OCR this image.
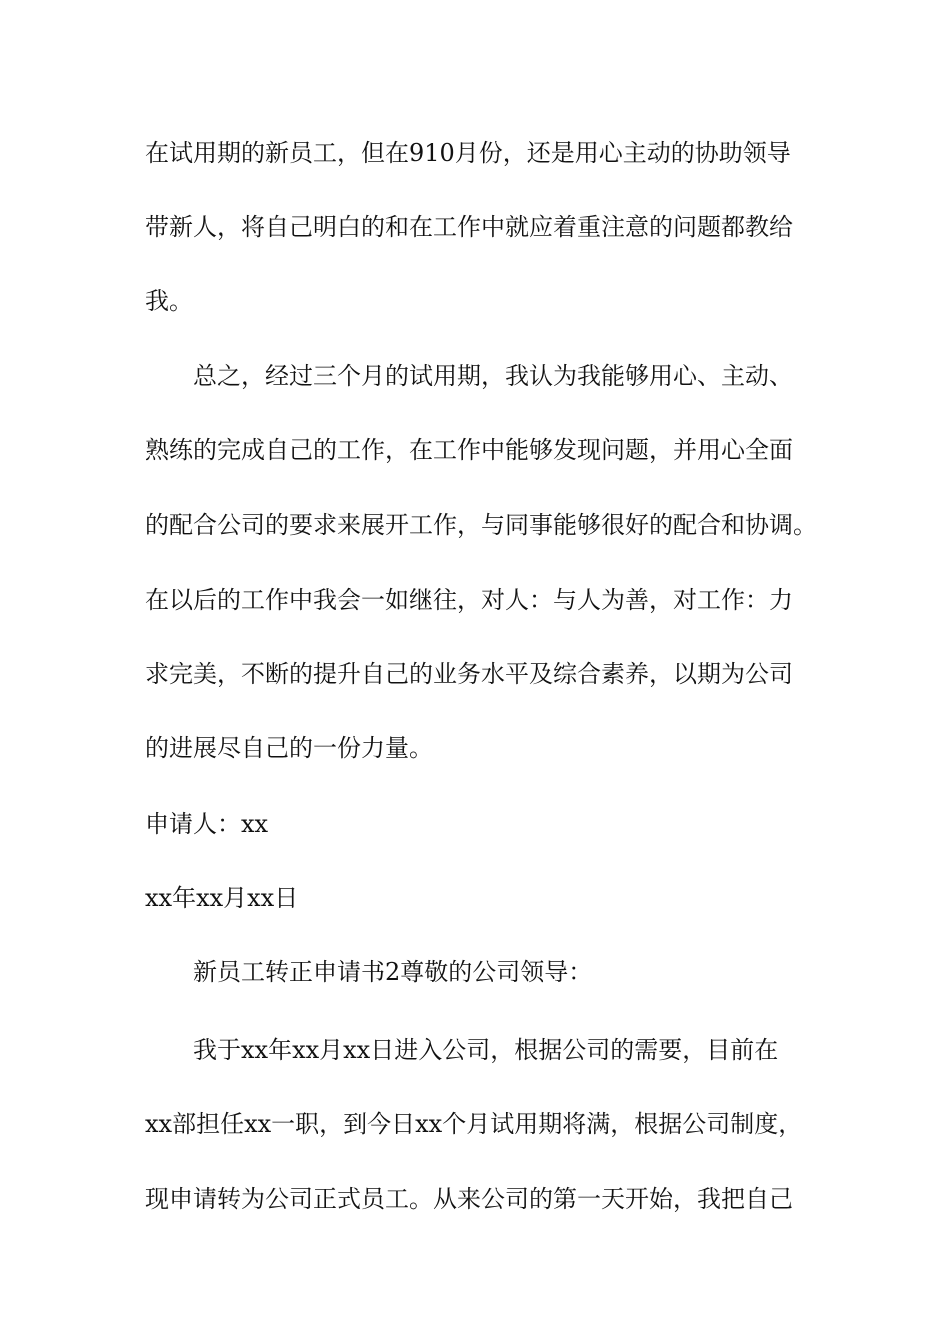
在试用期的新员工，但在910月份，还是用心主动的协助领导
带新人，将自己明白的和在工作中就应着重注意的问题都教给
我。
总之，经过三个月的试用期，我认为我能够用心、主动、
熟练的完成自己的工作，在工作中能够发现问题，并用心全面
的配合公司的要求来展开工作，与同事能够很好的配合和协调。
在以后的工作中我会一如继往，对人：与人为善，对工作：力
求完美，不断的提升自己的业务水平及综合素养，以期为公司
的进展尽自己的一份力量。
申请人：xx
xx年xx月xx日
新员工转正申请书2尊敬的公司领导：
我于xx年xx月xx日进入公司，根据公司的需要，目前在
xx部担任xx一职，到今日xx个月试用期将满，根据公司制度，
现申请转为公司正式员工。从来公司的第一天开始，我把自己
